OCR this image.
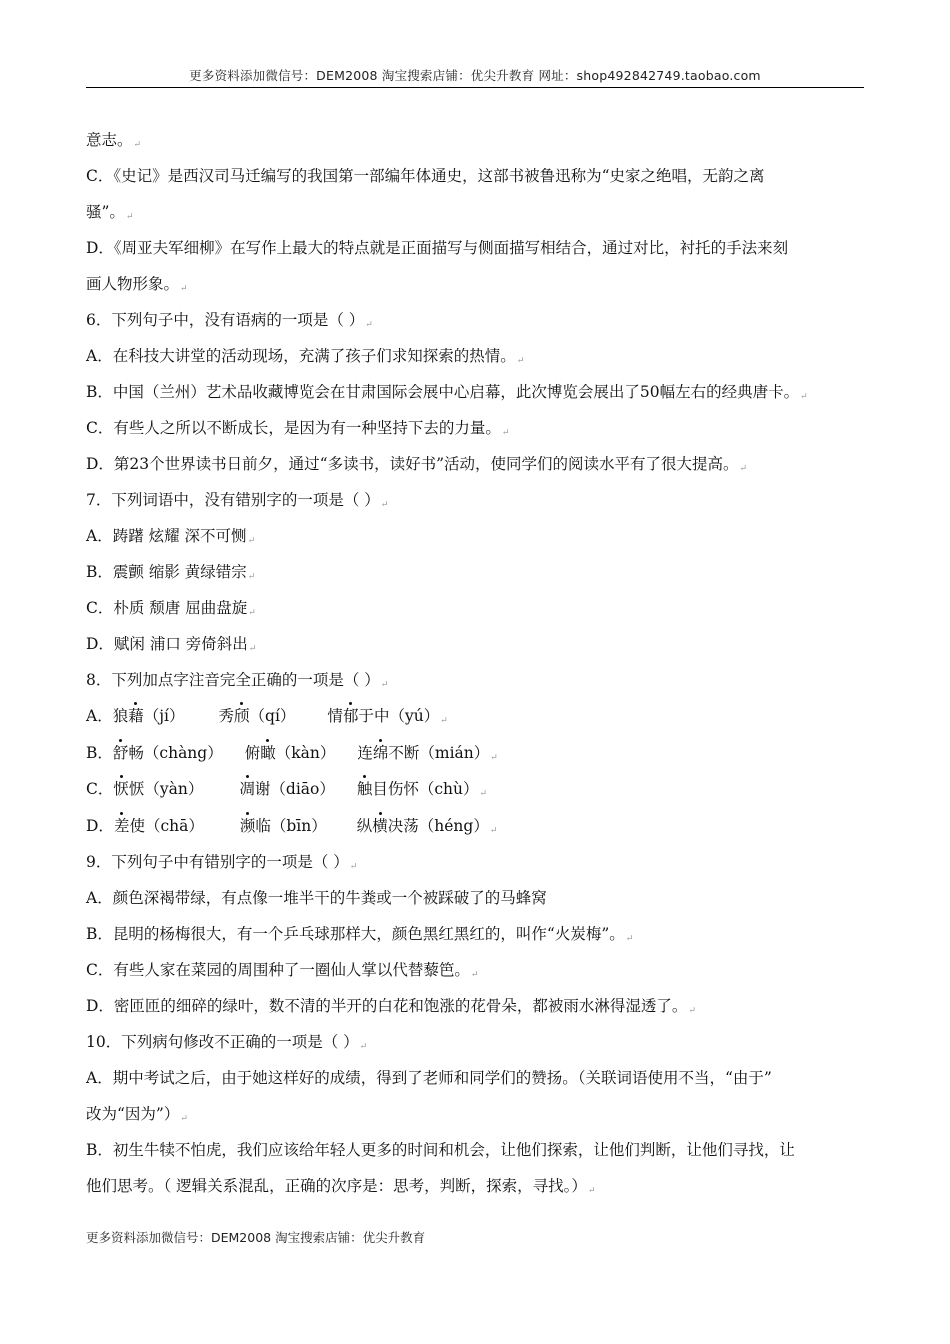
更多资料添加微信号：DEM2008 淘宝搜索店铺：优尖升教育 网址：shop492842749.taobao.com
意志。↵
C．《史记》是西汉司马迁编写的我国第一部编年体通史，这部书被鲁迅称为“史家之绝唱，无韵之离
骚”。↵
D．《周亚夫军细柳》在写作上最大的特点就是正面描写与侧面描写相结合，通过对比，衬托的手法来刻
画人物形象。↵
6．下列句子中，没有语病的一项是（ ）↵
A．在科技大讲堂的活动现场，充满了孩子们求知探索的热情。↵
B．中国（兰州）艺术品收藏博览会在甘肃国际会展中心启幕，此次博览会展出了50幅左右的经典唐卡。↵
C．有些人之所以不断成长，是因为有一种坚持下去的力量。↵
D．第23个世界读书日前夕，通过“多读书，读好书”活动，使同学们的阅读水平有了很大提高。↵
7．下列词语中，没有错别字的一项是（ ）↵
A．踌躇 炫耀 深不可恻↵
B．震颤 缩影 黄绿错宗↵
C．朴质 颓唐 屈曲盘旋↵
D．赋闲 浦口 旁倚斜出↵
8．下列加点字注音完全正确的一项是（ ）↵
A．狼藉（jí） 秀颀（qí） 情郁于中（yú）↵
B．舒畅（chàng） 俯瞰（kàn） 连绵不断（mián）↵
C．恹恹（yàn） 凋谢（diāo） 触目伤怀（chù）↵
D．差使（chā） 濒临（bīn） 纵横决荡（héng）↵
9．下列句子中有错别字的一项是（ ）↵
A．颜色深褐带绿，有点像一堆半干的牛粪或一个被踩破了的马蜂窝
B．昆明的杨梅很大，有一个乒乓球那样大，颜色黑红黑红的，叫作“火炭梅”。↵
C．有些人家在菜园的周围种了一圈仙人掌以代替藜笆。↵
D．密匝匝的细碎的绿叶，数不清的半开的白花和饱涨的花骨朵，都被雨水淋得湿透了。↵
10．下列病句修改不正确的一项是（ ）↵
A．期中考试之后，由于她这样好的成绩，得到了老师和同学们的赞扬。（关联词语使用不当，“由于”
改为“因为”）↵
B．初生牛犊不怕虎，我们应该给年轻人更多的时间和机会，让他们探索，让他们判断，让他们寻找，让
他们思考。（ 逻辑关系混乱，正确的次序是：思考，判断，探索，寻找。）↵
更多资料添加微信号：DEM2008 淘宝搜索店铺：优尖升教育
